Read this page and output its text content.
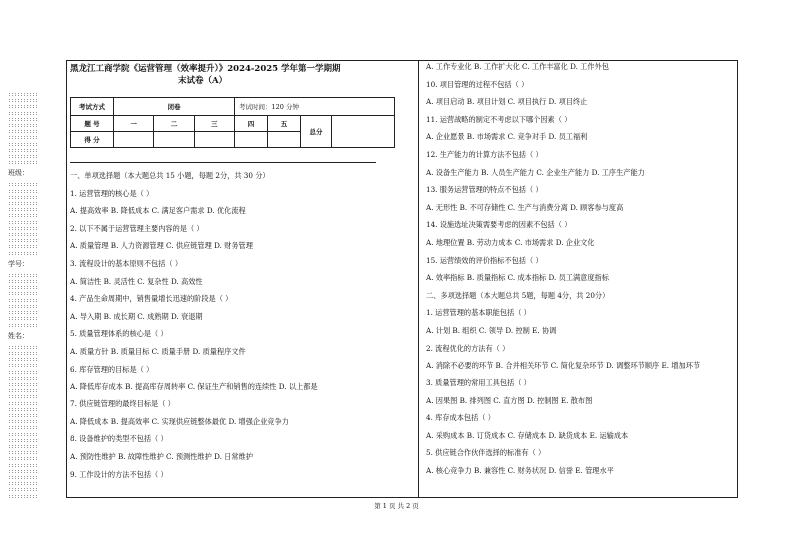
::::::::::
::::::::::
::::::::::
::::::::::
::::::::::
::::::::::
::::::::::
::::::::::
::::::::::
::::::::::
::::::::::
::::::::::
班级：
::::::::::
::::::::::
::::::::::
::::::::::
::::::::::
::::::::::
::::::::::
::::::::::
::::::::::
::::::::::
::::::::::
::::::::::
学号：
::::::::::
::::::::::
::::::::::
::::::::::
::::::::::
::::::::::
::::::::::
::::::::::
::::::::::
姓名：
::::::::::
::::::::::
::::::::::
::::::::::
::::::::::
::::::::::
::::::::::
::::::::::
::::::::::
::::::::::
::::::::::
::::::::::
::::::::::
::::::::::
::::::::::
::::::::::
::::::::::
::::::::::
::::::::::
::::::::::
::::::::::
::::::::::
::::::::::
::::::::::
::::::::::
黑龙江工商学院《运营管理（效率提升）》2024-2025 学年第一学期期
末试卷（A）
考试方式	闭卷			考试时间：120 分钟			
题 号	一	二	三	四	五	总分	
得 分							
一、单项选择题（本大题总共 15 小题，每题 2分，共 30 分）
1. 运营管理的核心是（ ）
A. 提高效率 B. 降低成本 C. 满足客户需求 D. 优化流程
2. 以下不属于运营管理主要内容的是（ ）
A. 质量管理 B. 人力资源管理 C. 供应链管理 D. 财务管理
3. 流程设计的基本原则不包括（ ）
A. 简洁性 B. 灵活性 C. 复杂性 D. 高效性
4. 产品生命周期中，销售量增长迅速的阶段是（ ）
A. 导入期 B. 成长期 C. 成熟期 D. 衰退期
5. 质量管理体系的核心是（ ）
A. 质量方针 B. 质量目标 C. 质量手册 D. 质量程序文件
6. 库存管理的目标是（ ）
A. 降低库存成本 B. 提高库存周转率 C. 保证生产和销售的连续性 D. 以上都是
7. 供应链管理的最终目标是（ ）
A. 降低成本 B. 提高效率 C. 实现供应链整体最优 D. 增强企业竞争力
8. 设备维护的类型不包括（ ）
A. 预防性维护 B. 故障性维护 C. 预测性维护 D. 日常维护
9. 工作设计的方法不包括（ ）
A. 工作专业化 B. 工作扩大化 C. 工作丰富化 D. 工作外包
10. 项目管理的过程不包括（ ）
A. 项目启动 B. 项目计划 C. 项目执行 D. 项目终止
11. 运营战略的制定不考虑以下哪个因素（ ）
A. 企业愿景 B. 市场需求 C. 竞争对手 D. 员工福利
12. 生产能力的计算方法不包括（ ）
A. 设备生产能力 B. 人员生产能力 C. 企业生产能力 D. 工序生产能力
13. 服务运营管理的特点不包括（ ）
A. 无形性 B. 不可存储性 C. 生产与消费分离 D. 顾客参与度高
14. 设施选址决策需要考虑的因素不包括（ ）
A. 地理位置 B. 劳动力成本 C. 市场需求 D. 企业文化
15. 运营绩效的评价指标不包括（ ）
A. 效率指标 B. 质量指标 C. 成本指标 D. 员工满意度指标
二、多项选择题（本大题总共 5题，每题 4分，共 20分）
1. 运营管理的基本职能包括（ ）
A. 计划 B. 组织 C. 领导 D. 控制 E. 协调
2. 流程优化的方法有（ ）
A. 消除不必要的环节 B. 合并相关环节 C. 简化复杂环节 D. 调整环节顺序 E. 增加环节
3. 质量管理的常用工具包括（ ）
A. 因果图 B. 排列图 C. 直方图 D. 控制图 E. 散布图
4. 库存成本包括（ ）
A. 采购成本 B. 订货成本 C. 存储成本 D. 缺货成本 E. 运输成本
5. 供应链合作伙伴选择的标准有（ ）
A. 核心竞争力 B. 兼容性 C. 财务状况 D. 信誉 E. 管理水平
第 1 页 共 2 页
